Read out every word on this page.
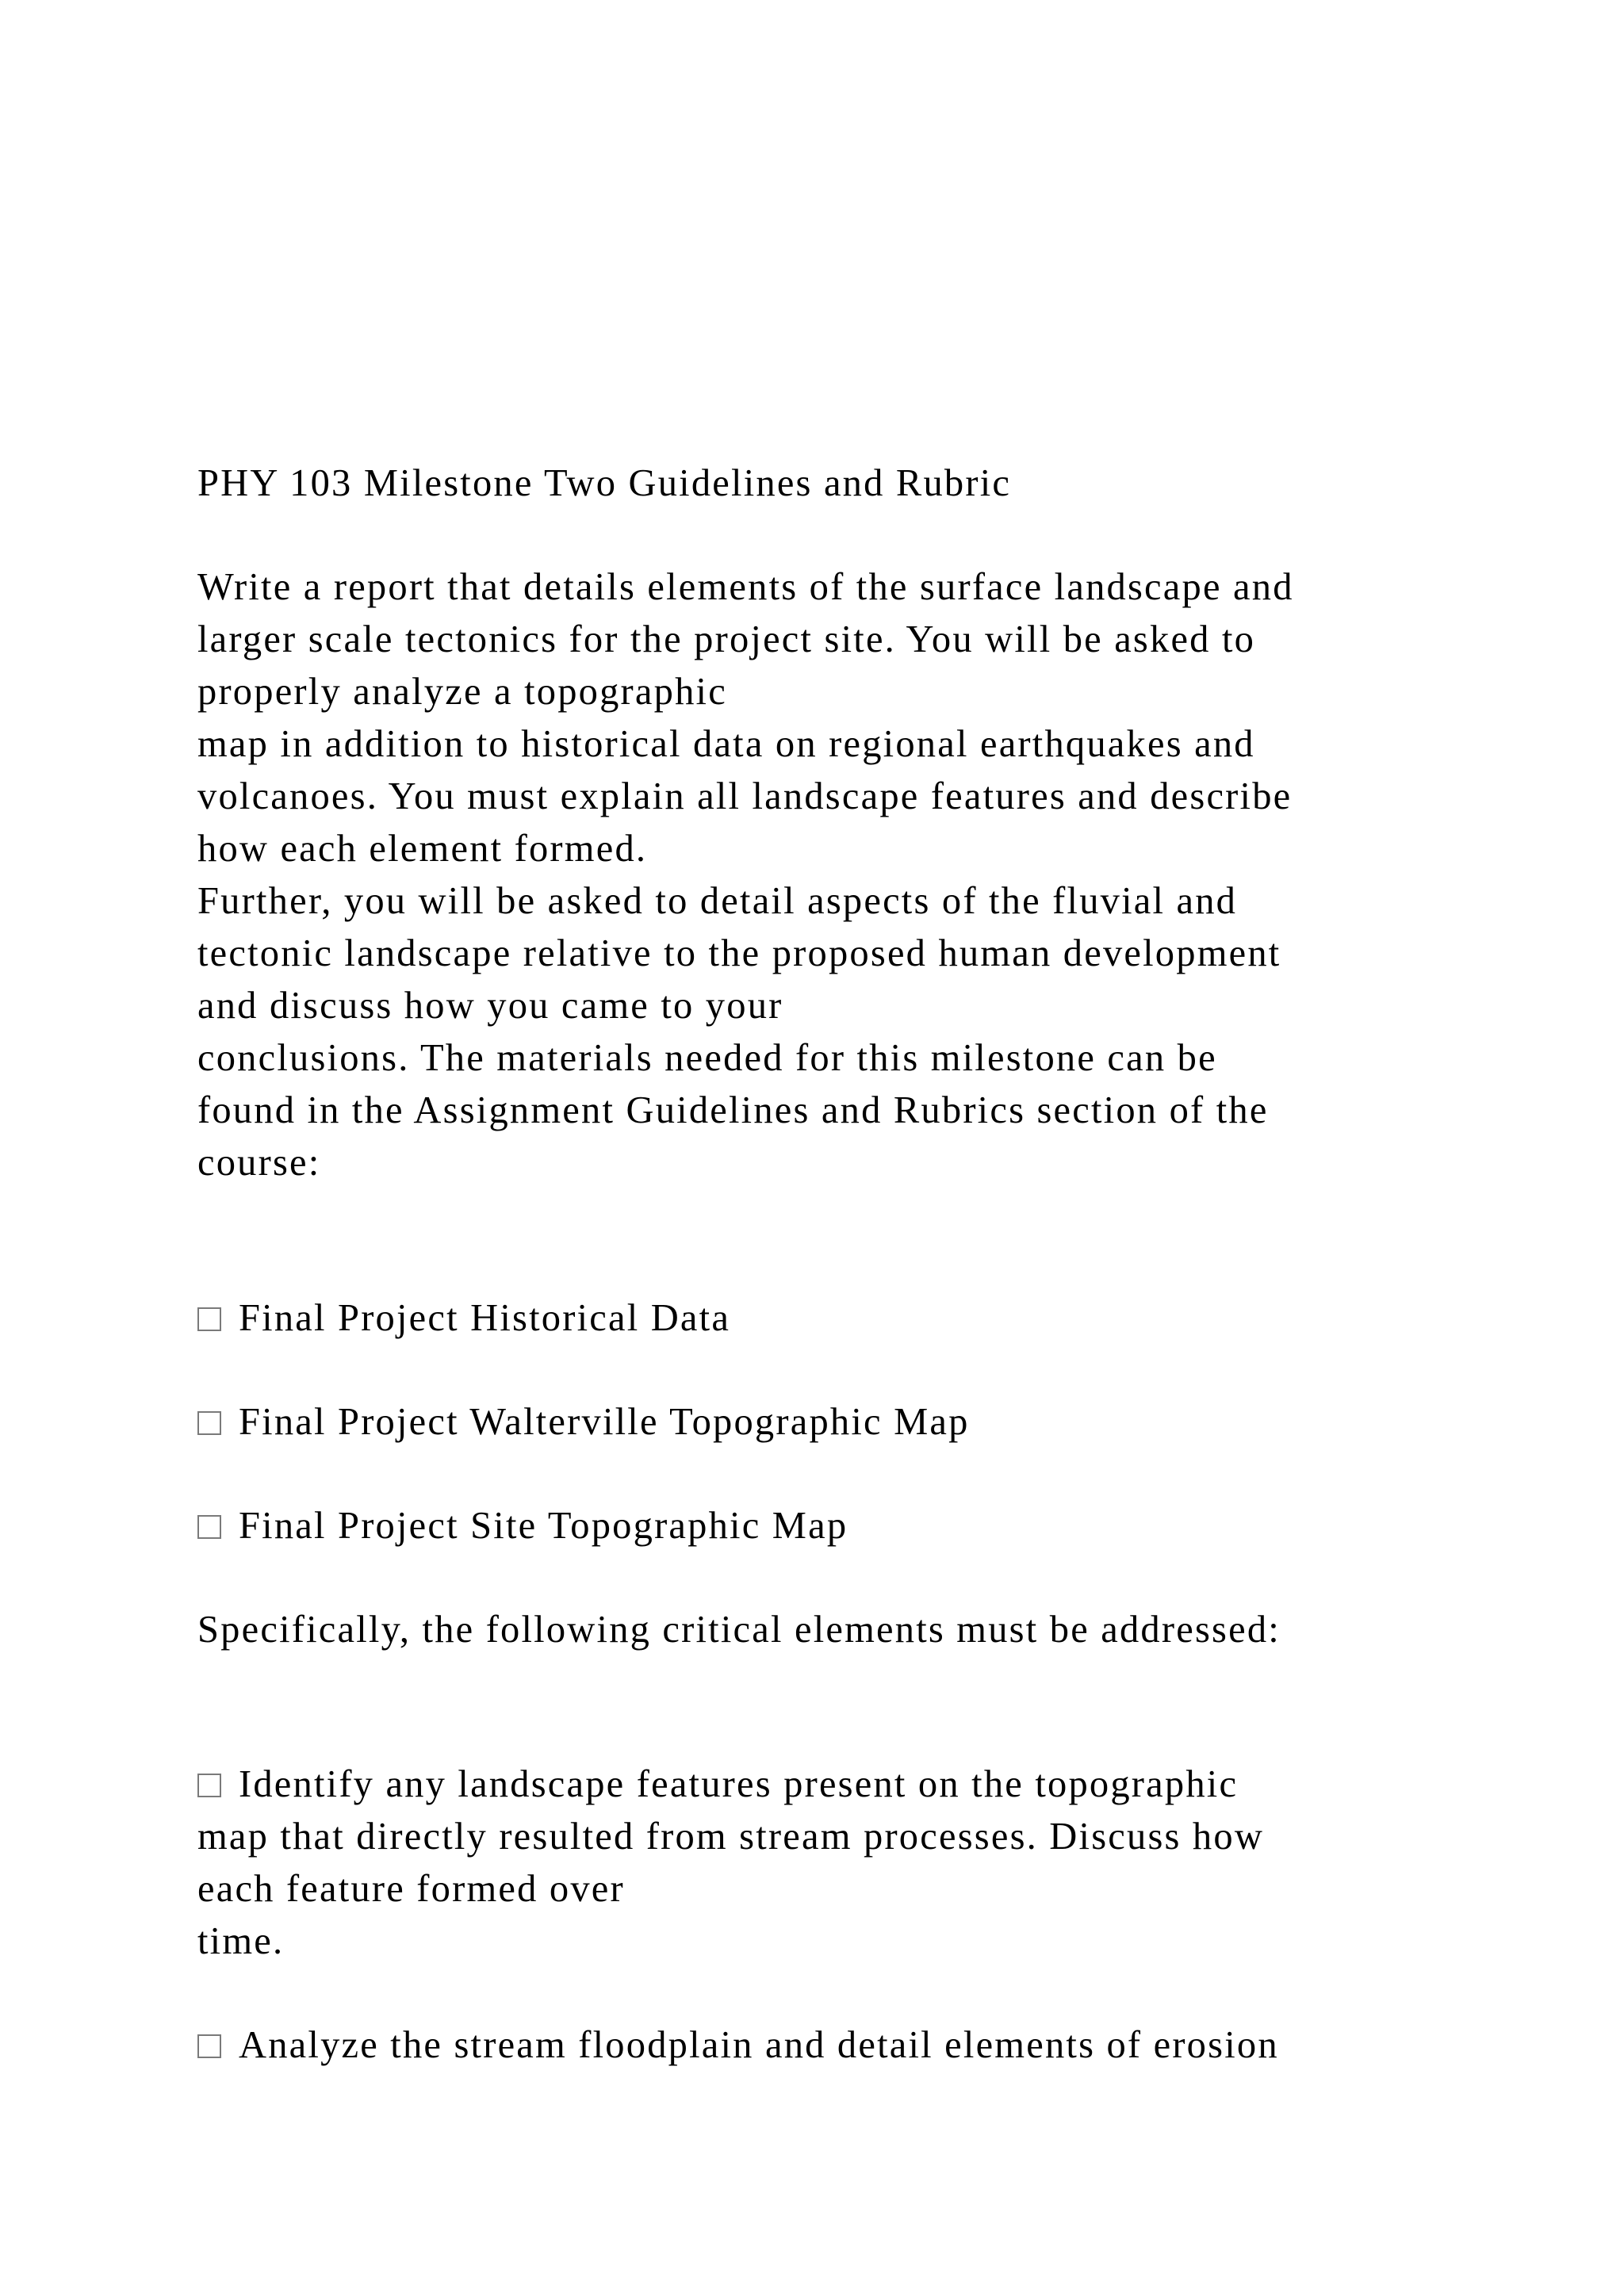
PHY 103 Milestone Two Guidelines and Rubric
Write a report that details elements of the surface landscape and
larger scale tectonics for the project site. You will be asked to
properly analyze a topographic
map in addition to historical data on regional earthquakes and
volcanoes. You must explain all landscape features and describe
how each element formed.
Further, you will be asked to detail aspects of the fluvial and
tectonic landscape relative to the proposed human development
and discuss how you came to your
conclusions. The materials needed for this milestone can be
found in the Assignment Guidelines and Rubrics section of the
course:
Final Project Historical Data
Final Project Walterville Topographic Map
Final Project Site Topographic Map
Specifically, the following critical elements must be addressed:
Identify any landscape features present on the topographic
map that directly resulted from stream processes. Discuss how
each feature formed over
time.
Analyze the stream floodplain and detail elements of erosion
